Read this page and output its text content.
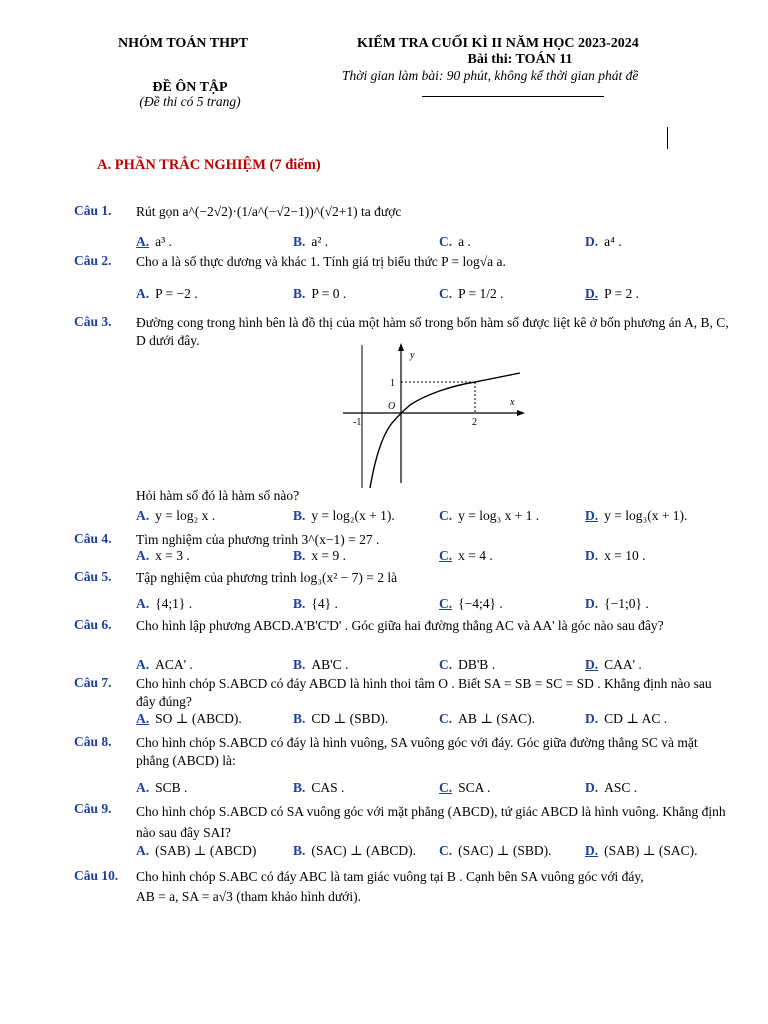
NHÓM TOÁN THPT	KIỂM TRA CUỐI KÌ II NĂM HỌC 2023-2024
Bài thi: TOÁN 11
Thời gian làm bài: 90 phút, không kể thời gian phát đề
ĐỀ ÔN TẬP
(Đề thi có 5 trang)
A. PHẦN TRẮC NGHIỆM (7 điểm)
Câu 1. Rút gọn a^(−2√2)·(1/a^(−√2−1))^(√2+1) ta được
A. a³ .	B. a² .	C. a .	D. a⁴ .
Câu 2. Cho a là số thực dương và khác 1. Tính giá trị biểu thức P = log√a a.
A. P = −2 .	B. P = 0 .	C. P = 1/2 .	D. P = 2 .
Câu 3. Đường cong trong hình bên là đồ thị của một hàm số trong bốn hàm số được liệt kê ở bốn phương án A, B, C, D dưới đây.
y
x
O
-1	2
1
Hỏi hàm số đó là hàm số nào?
A. y = log₂ x .	B. y = log₂(x + 1).	C. y = log₃ x + 1 .	D. y = log₃(x + 1).
Câu 4. Tìm nghiệm của phương trình 3^(x−1) = 27 .
A. x = 3 .	B. x = 9 .	C. x = 4 .	D. x = 10 .
Câu 5. Tập nghiệm của phương trình log₃(x² − 7) = 2 là
A. {4;1} .	B. {4} .	C. {−4;4} .	D. {−1;0} .
Câu 6. Cho hình lập phương ABCD.A'B'C'D' . Góc giữa hai đường thẳng AC và AA' là góc nào sau đây?
A. ACA' .	B. AB'C .	C. DB'B .	D. CAA' .
Câu 7. Cho hình chóp S.ABCD có đáy ABCD là hình thoi tâm O . Biết SA = SB = SC = SD . Khẳng định nào sau đây đúng?
A. SO ⊥ (ABCD).	B. CD ⊥ (SBD).	C. AB ⊥ (SAC).	D. CD ⊥ AC .
Câu 8. Cho hình chóp S.ABCD có đáy là hình vuông, SA vuông góc với đáy. Góc giữa đường thẳng SC và mặt phẳng (ABCD) là:
A. SCB .	B. CAS .	C. SCA .	D. ASC .
Câu 9. Cho hình chóp S.ABCD có SA vuông góc với mặt phẳng (ABCD), tứ giác ABCD là hình vuông. Khẳng định nào sau đây SAI?
A. (SAB) ⊥ (ABCD)	B. (SAC) ⊥ (ABCD). C. (SAC) ⊥ (SBD). D. (SAB) ⊥ (SAC).
Câu 10. Cho hình chóp S.ABC có đáy ABC là tam giác vuông tại B . Cạnh bên SA vuông góc với đáy,
AB = a, SA = a√3 (tham khảo hình dưới).
